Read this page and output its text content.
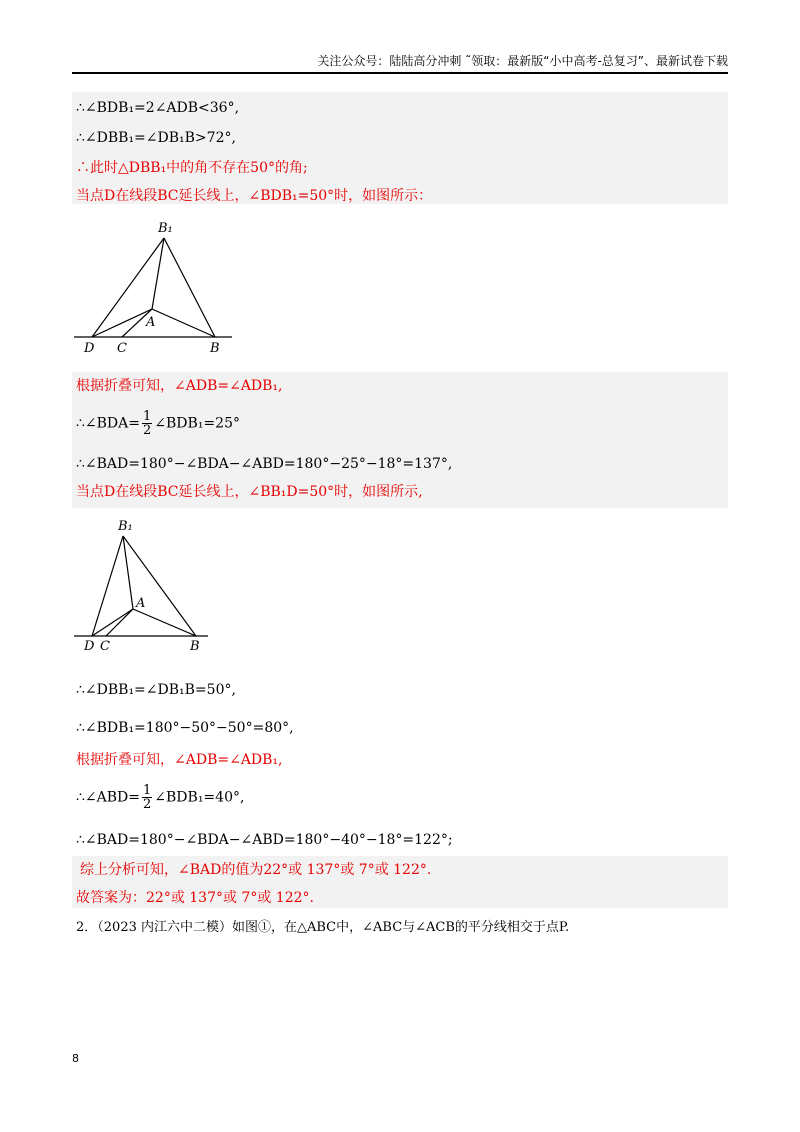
关注公众号：陆陆高分冲刺 ˜领取：最新版“小中高考-总复习”、最新试卷下载
∴∠BDB₁=2∠ADB<36°,
∴∠DBB₁=∠DB₁B>72°,
∴此时△DBB₁中的角不存在50°的角;
当点D在线段BC延长线上，∠BDB₁=50°时，如图所示：
B₁
A
D C	B
根据折叠可知，∠ADB=∠ADB₁,
∴∠BDA= $\frac{1}{2}$ ∠BDB₁=25°
∴∠BAD=180°−∠BDA−∠ABD=180°−25°−18°=137°,
当点D在线段BC延长线上，∠BB₁D=50°时，如图所示,
B₁
A
D C	B
∴∠DBB₁=∠DB₁B=50°,
∴∠BDB₁=180°−50°−50°=80°,
根据折叠可知，∠ADB=∠ADB₁,
∴∠ABD= $\frac{1}{2}$ ∠BDB₁=40°,
∴∠BAD=180°−∠BDA−∠ABD=180°−40°−18°=122°;
综上分析可知，∠BAD的值为22°或 137°或 7°或 122°.
故答案为：22°或 137°或 7°或 122°.
2．（2023 内江六中二模）如图①，在△ABC中，∠ABC与∠ACB的平分线相交于点P.
8
